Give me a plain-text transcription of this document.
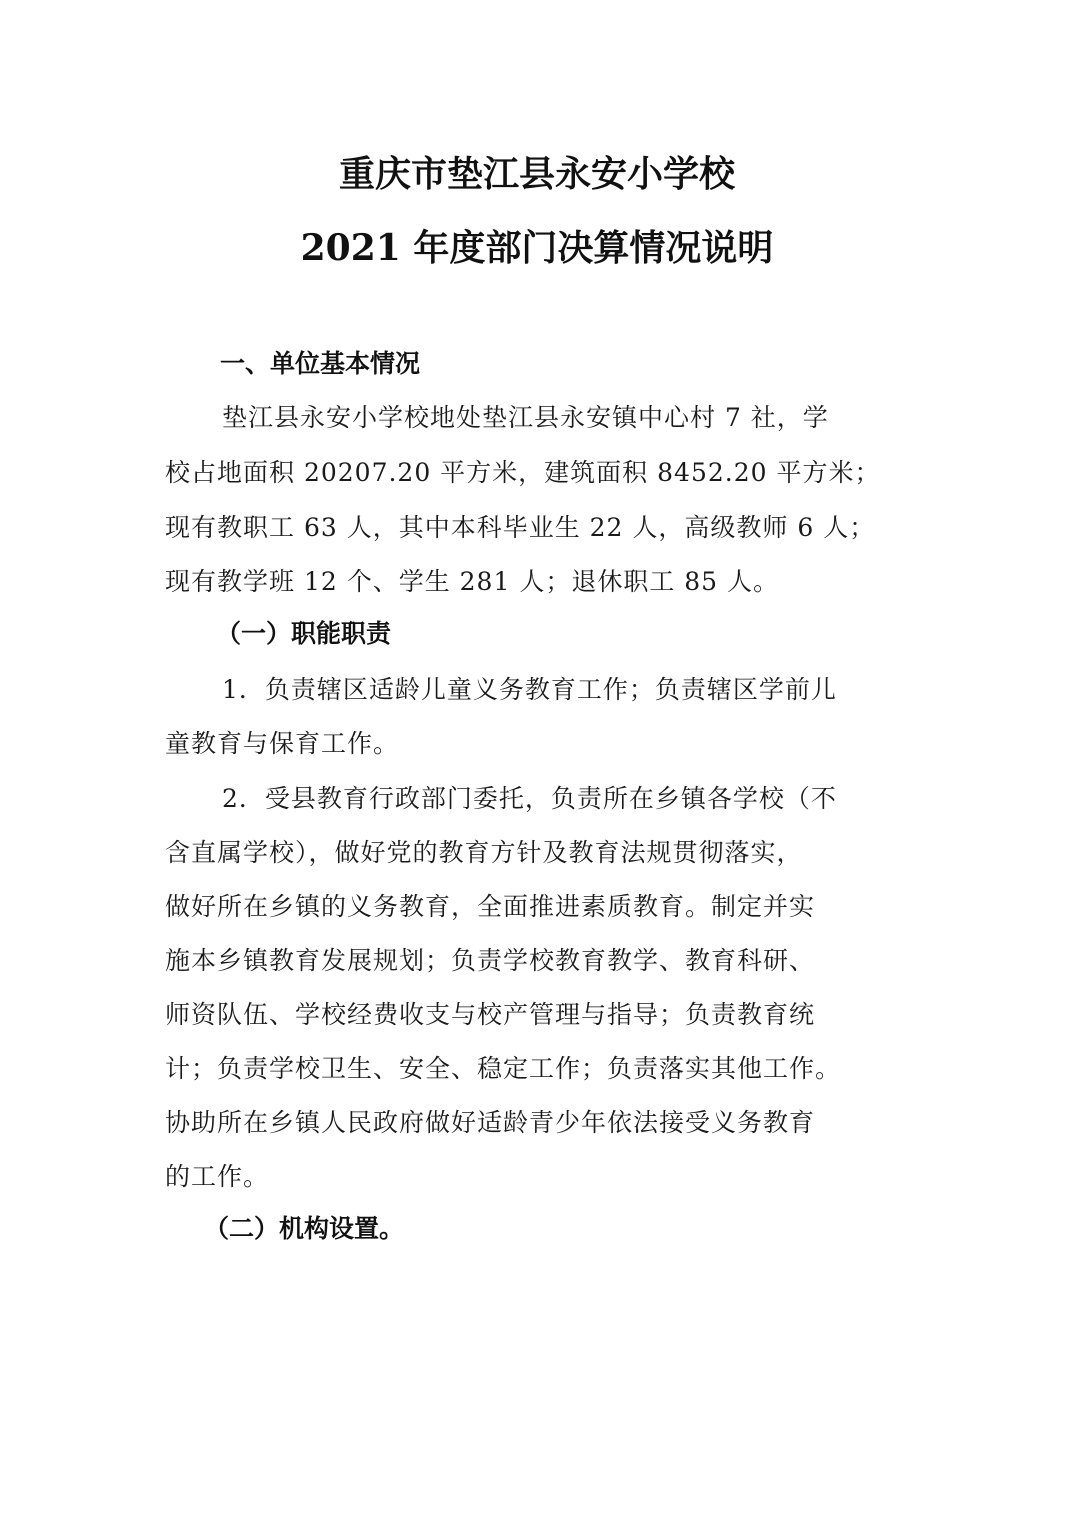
重庆市垫江县永安小学校
2021 年度部门决算情况说明
一、单位基本情况
垫江县永安小学校地处垫江县永安镇中心村 7 社，学
校占地面积 20207.20 平方米，建筑面积 8452.20 平方米；
现有教职工 63 人，其中本科毕业生 22 人，高级教师 6 人；
现有教学班 12 个、学生 281 人；退休职工 85 人。
（一）职能职责
1．负责辖区适龄儿童义务教育工作；负责辖区学前儿
童教育与保育工作。
2．受县教育行政部门委托，负责所在乡镇各学校（不
含直属学校），做好党的教育方针及教育法规贯彻落实，
做好所在乡镇的义务教育，全面推进素质教育。制定并实
施本乡镇教育发展规划；负责学校教育教学、教育科研、
师资队伍、学校经费收支与校产管理与指导；负责教育统
计；负责学校卫生、安全、稳定工作；负责落实其他工作。
协助所在乡镇人民政府做好适龄青少年依法接受义务教育
的工作。
（二）机构设置。
